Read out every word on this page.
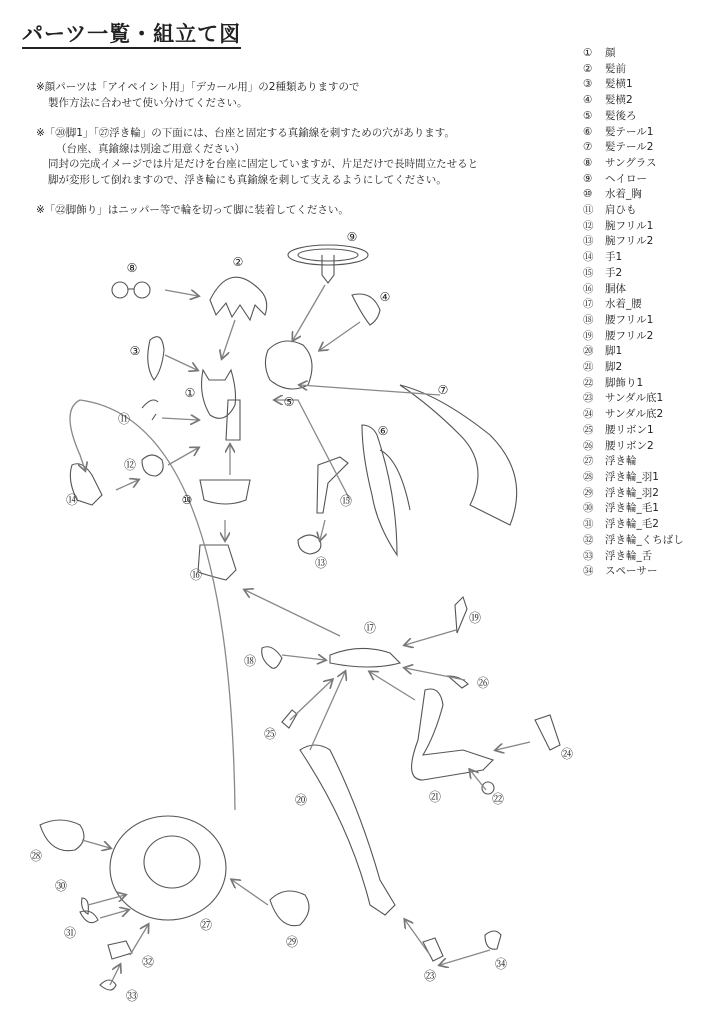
パーツ一覧・組立て図

※顔パーツは「アイペイント用」「デカール用」の2種類ありますので

製作方法に合わせて使い分けてください。

※「⑳脚1」「㉗浮き輪」の下面には、台座と固定する真鍮線を刺すための穴があります。

（台座、真鍮線は別途ご用意ください）
同封の完成イメージでは片足だけを台座に固定していますが、片足だけで長時間立たせると
脚が変形して倒れますので、浮き輪にも真鍮線を刺して支えるようにしてください。

※「㉒脚飾り」はニッパー等で輪を切って脚に装着してください。

①	顔
②	髪前
③	髪横1
④	髪横2
⑤	髪後ろ
⑥	髪テール1
⑦	髪テール2
⑧	サングラス
⑨	ヘイロー
⑩	水着_胸
⑪	肩ひも
⑫	腕フリル1
⑬	腕フリル2
⑭	手1
⑮	手2
⑯	胴体
⑰	水着_腰
⑱	腰フリル1
⑲	腰フリル2
⑳	脚1
㉑	脚2
㉒	脚飾り1
㉓	サンダル底1
㉔	サンダル底2
㉕	腰リボン1
㉖	腰リボン2
㉗	浮き輪
㉘	浮き輪_羽1
㉙	浮き輪_羽2
㉚	浮き輪_毛1
㉛	浮き輪_毛2
㉜	浮き輪_くちばし
㉝	浮き輪_舌
㉞	スペーサー
①
②
③
④
⑤
⑥
⑦
⑧
⑨
⑩
⑪
⑫
⑬
⑭	⑮
⑯
⑰
⑱
⑲
⑳	㉑	㉒
㉓
㉔
㉕
㉖
㉗
㉘
㉙
㉚
㉛
㉜
㉝
㉞
